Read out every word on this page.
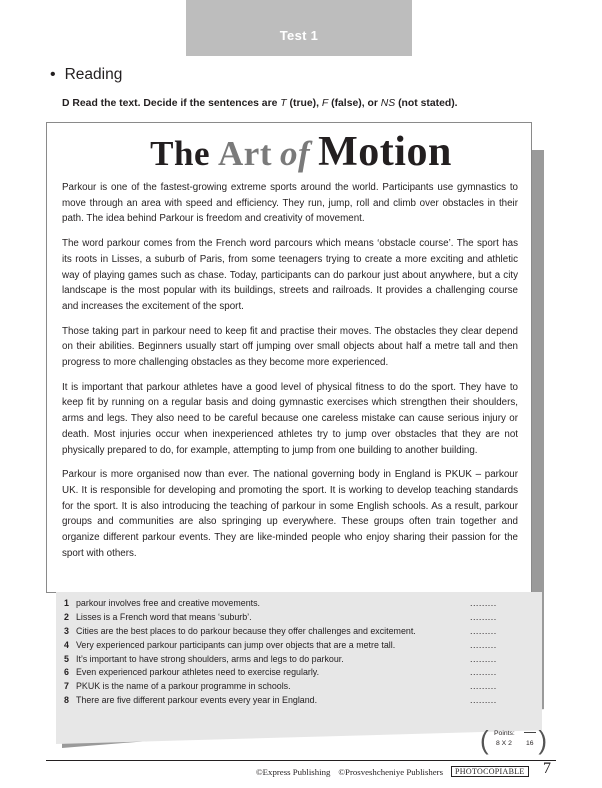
Test 1
• Reading
D Read the text. Decide if the sentences are T (true), F (false), or NS (not stated).
The Art of Motion

Parkour is one of the fastest-growing extreme sports around the world. Participants use gymnastics to move through an area with speed and efficiency. They run, jump, roll and climb over obstacles in their path. The idea behind Parkour is freedom and creativity of movement.

The word parkour comes from the French word parcours which means ‘obstacle course’. The sport has its roots in Lisses, a suburb of Paris, from some teenagers trying to create a more exciting and athletic way of playing games such as chase. Today, participants can do parkour just about anywhere, but a city landscape is the most popular with its buildings, streets and railroads. It provides a challenging course and increases the excitement of the sport.

Those taking part in parkour need to keep fit and practise their moves. The obstacles they clear depend on their abilities. Beginners usually start off jumping over small objects about half a metre tall and then progress to more challenging obstacles as they become more experienced.

It is important that parkour athletes have a good level of physical fitness to do the sport. They have to keep fit by running on a regular basis and doing gymnastic exercises which strengthen their shoulders, arms and legs. They also need to be careful because one careless mistake can cause serious injury or death. Most injuries occur when inexperienced athletes try to jump over obstacles that they are not physically prepared to do, for example, attempting to jump from one building to another building.

Parkour is more organised now than ever. The national governing body in England is PKUK – parkour UK. It is responsible for developing and promoting the sport. It is working to develop teaching standards for the sport. It is also introducing the teaching of parkour in some English schools. As a result, parkour groups and communities are also springing up everywhere. These groups often train together and organize different parkour events. They are like-minded people who enjoy sharing their passion for the sport with others.

1 parkour involves free and creative movements.	.........
2 Lisses is a French word that means ‘suburb’.	.........
3 Cities are the best places to do parkour because they offer challenges and excitement.	.........
4 Very experienced parkour participants can jump over objects that are a metre tall.	.........
5 It’s important to have strong shoulders, arms and legs to do parkour.	.........
6 Even experienced parkour athletes need to exercise regularly.	.........
7 PKUK is the name of a parkour programme in schools.	.........
8 There are five different parkour events every year in England.	.........
( Points:
8 X 2 16 )
©Express Publishing ©Prosveshcheniye Publishers	PHOTOCOPIABLE 7
